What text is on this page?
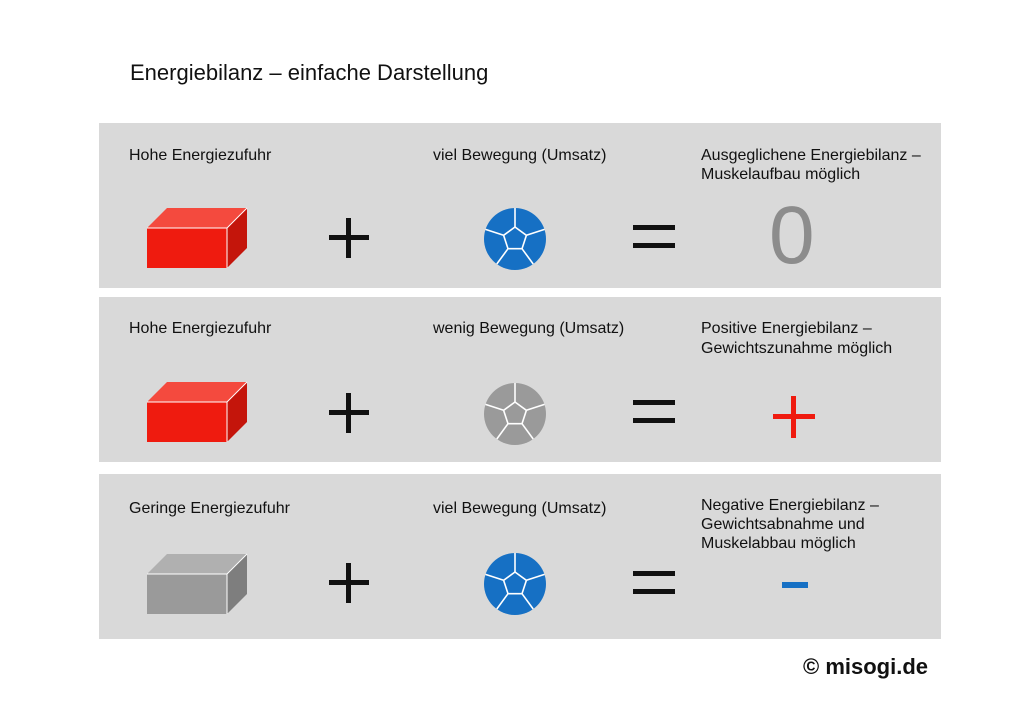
Energiebilanz – einfache Darstellung
Hohe Energiezufuhr	viel Bewegung (Umsatz)	Ausgeglichene Energiebilanz –
Muskelaufbau möglich
0
Hohe Energiezufuhr	wenig Bewegung (Umsatz)	Positive Energiebilanz –
Gewichtszunahme möglich
Geringe Energiezufuhr	viel Bewegung (Umsatz)	Negative Energiebilanz –
Gewichtsabnahme und
Muskelabbau möglich
© misogi.de
